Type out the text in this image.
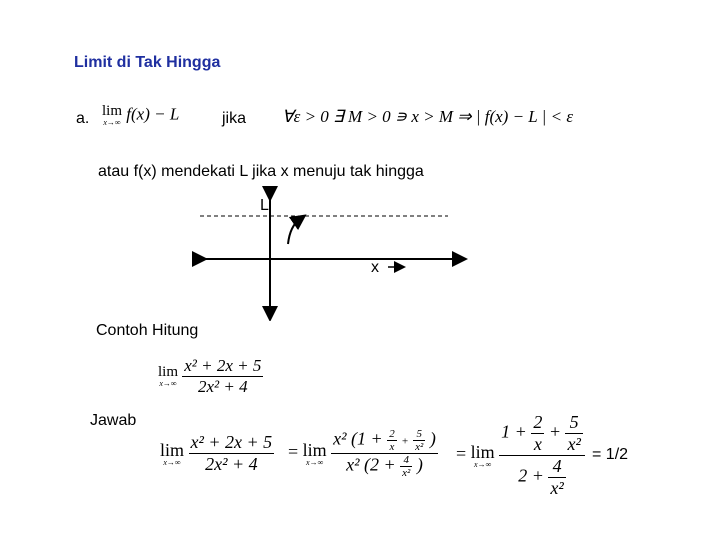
Limit di Tak Hingga
a. lim
x→∞ f(x) − L	jika ∀ε > 0 ∃ M > 0 ∍ x > M ⇒ | f(x) − L | < ε
atau f(x) mendekati L jika x menuju tak hingga
L
x
Contoh Hitung
lim
x→∞
$\frac{\text{x² + 2x + 5}}{\text{2x² + 4}}$
Jawab
lim
x→∞
$\frac{\text{x² + 2x + 5}}{\text{2x² + 4}} = \lim$
x→∞
$\frac{x^2 (1 + \frac{2}{x} + \frac{5}{\text{x²}} )}{x^2 (2 + \frac{4}{\text{x²}} )} = \lim$
x→∞
$\frac{1 + \frac{2}{x} + \frac{5}{\text{x²}}}{2 + \frac{4}{\text{x²}}} = 1/2$
